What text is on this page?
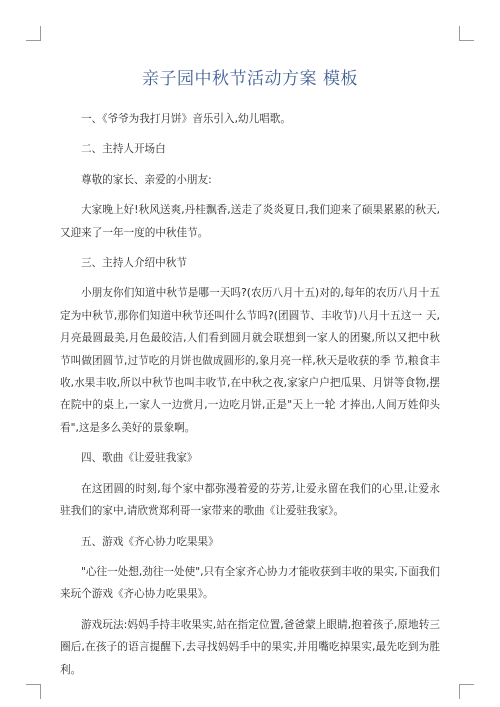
亲子园中秋节活动方案 模板

一、《爷爷为我打月饼》音乐引入,幼儿唱歌。

二、主持人开场白

尊敬的家长、亲爱的小朋友:

大家晚上好!秋风送爽,丹桂飘香,送走了炎炎夏日,我们迎来了硕果累累的秋天,又迎来了一年一度的中秋佳节。

三、主持人介绍中秋节

小朋友你们知道中秋节是哪一天吗?(农历八月十五)对的,每年的农历八月十五定为中秋节,那你们知道中秋节还叫什么节吗?(团圆节、丰收节)八月十五这一 天,月亮最圆最美,月色最皎洁,人们看到圆月就会联想到一家人的团聚,所以又把中秋节叫做团圆节,过节吃的月饼也做成圆形的,象月亮一样,秋天是收获的季 节,粮食丰收,水果丰收,所以中秋节也叫丰收节,在中秋之夜,家家户户把瓜果、月饼等食物,摆在院中的桌上,一家人一边赏月,一边吃月饼,正是"天上一轮 才捧出,人间万姓仰头看",这是多么美好的景象啊。

四、歌曲《让爱驻我家》

在这团圆的时刻,每个家中都弥漫着爱的芬芳,让爱永留在我们的心里,让爱永驻我们的家中,请欣赏郑利哥一家带来的歌曲《让爱驻我家》。

五、游戏《齐心协力吃果果》

"心往一处想,劲往一处使",只有全家齐心协力才能收获到丰收的果实,下面我们来玩个游戏《齐心协力吃果果》。

游戏玩法:妈妈手持丰收果实,站在指定位置,爸爸蒙上眼睛,抱着孩子,原地转三圈后,在孩子的语言提醒下,去寻找妈妈手中的果实,并用嘴吃掉果实,最先吃到为胜利。
